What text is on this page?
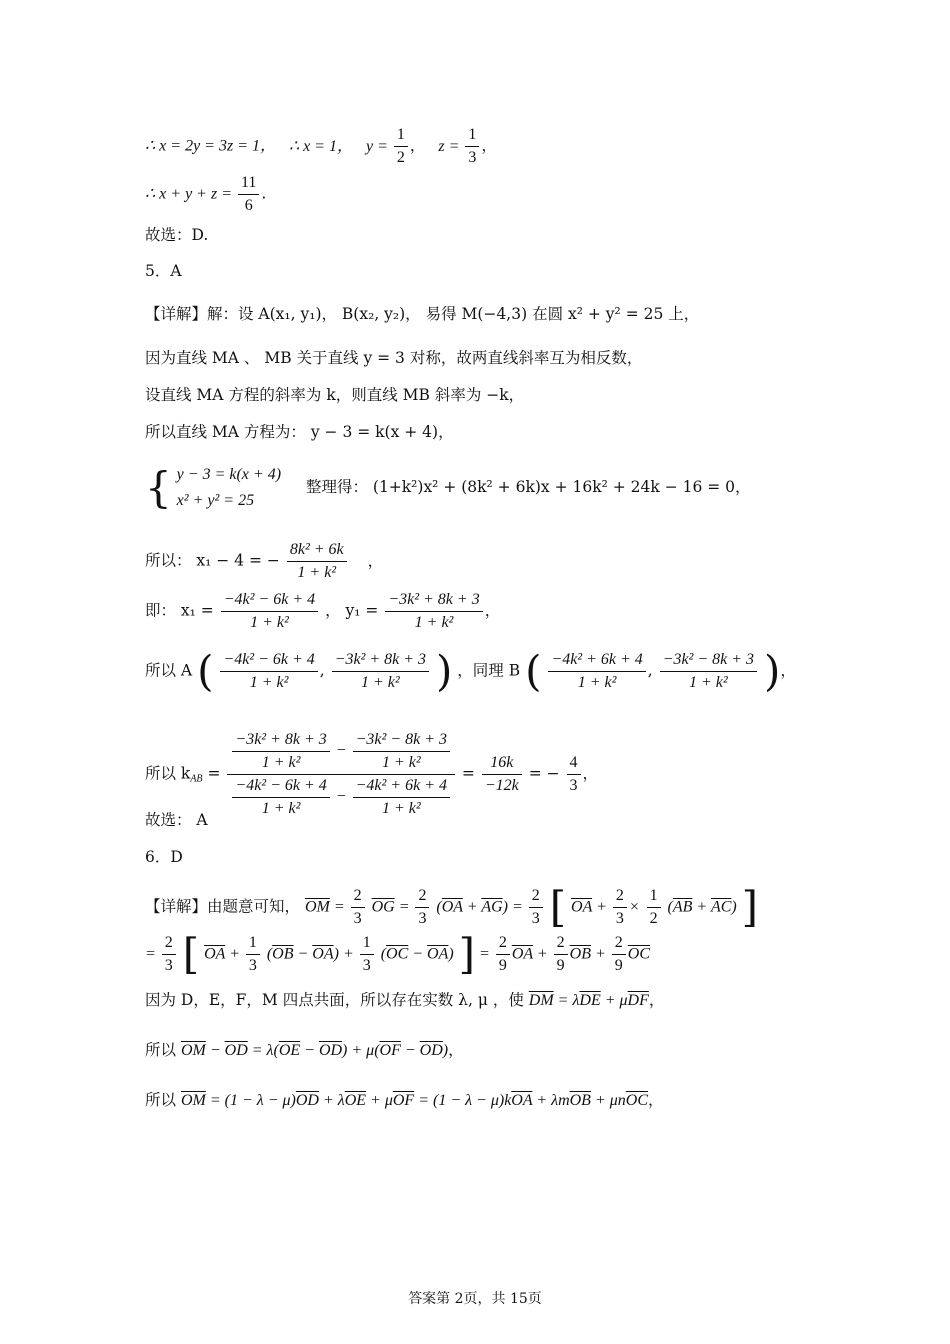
∴ x = 2y = 3z = 1， ∴ x = 1， $y = \frac{1}{2}$ ， $z = \frac{1}{3}$ ，
∴ $x + y + z = \frac{11}{6}$ .
故选：D.
5．A
【详解】解：设 A(x₁, y₁)， B(x₂, y₂)， 易得 M(−4,3) 在圆 x² + y² = 25 上，
因为直线 MA 、 MB 关于直线 y = 3 对称，故两直线斜率互为相反数，
设直线 MA 方程的斜率为 k，则直线 MB 斜率为 −k，
所以直线 MA 方程为： y − 3 = k(x + 4)，
{ y − 3 = k(x + 4)
x² + y² = 25
整理得： (1+k²)x² + (8k² + 6k)x + 16k² + 24k − 16 = 0，
所以： x₁ − 4 = − $\frac{\text{8k² + 6k}}{\text{1 + k²}}$ ，
即： $x_1 = \frac{\text{−4k² − 6k + 4}}{\text{1 + k²}}$ ， $y_1 = \frac{\text{−3k² + 8k + 3}}{\text{1 + k²}}$ ，
所以 A ( $\frac{\text{−4k² − 6k + 4}}{\text{1 + k²}}$ , $\frac{\text{−3k² + 8k + 3}}{\text{1 + k²}}$ ) ，同理 B ( $\frac{\text{−4k² + 6k + 4}}{\text{1 + k²}}$ , $\frac{\text{−3k² − 8k + 3}}{\text{1 + k²}}$ )，
所以 $k_{AB} = \frac{\frac{\text{−3k² + 8k + 3}}{\text{1 + k²}} - \frac{\text{−3k² − 8k + 3}}{\text{1 + k²}}}{\frac{\text{−4k² − 6k + 4}}{\text{1 + k²}} - \frac{\text{−4k² + 6k + 4}}{\text{1 + k²}}} = \frac{16k}{-12k}$ = − $\frac{4}{3}$ ，
故选： A
6．D
【详解】由题意可知， $\overline{OM} = \frac{2}{3} \overline{OG} = \frac{2}{3} (\overline{OA} + \overline{AG}) = \frac{2}{3}$ [ $\overline{OA} + \frac{2}{3} \times \frac{1}{2} (\overline{AB} + \overline{AC})$ ]
= $\frac{2}{3}$ [ $\overline{OA} + \frac{1}{3} (\overline{OB} - \overline{OA}) + \frac{1}{3} (\overline{OC} - \overline{OA})$ ] = $\frac{2}{9} \overline{OA} + \frac{2}{9} \overline{OB} + \frac{2}{9} \overline{OC}$
因为 D，E，F，M 四点共面，所以存在实数 λ, μ ，使 $\overline{DM} = \lambda\overline{DE} + \mu\overline{DF}$，
所以 $\overline{OM} - \overline{OD} = \lambda(\overline{OE} - \overline{OD}) + \mu(\overline{OF} - \overline{OD})$，
所以 $\overline{OM} = (1 - \lambda - \mu)\overline{OD} + \lambda\overline{OE} + \mu\overline{OF} = (1 - \lambda - \mu)k\overline{OA} + \lambda m\overline{OB} + \mu n\overline{OC}$，
答案第 2页，共 15页
